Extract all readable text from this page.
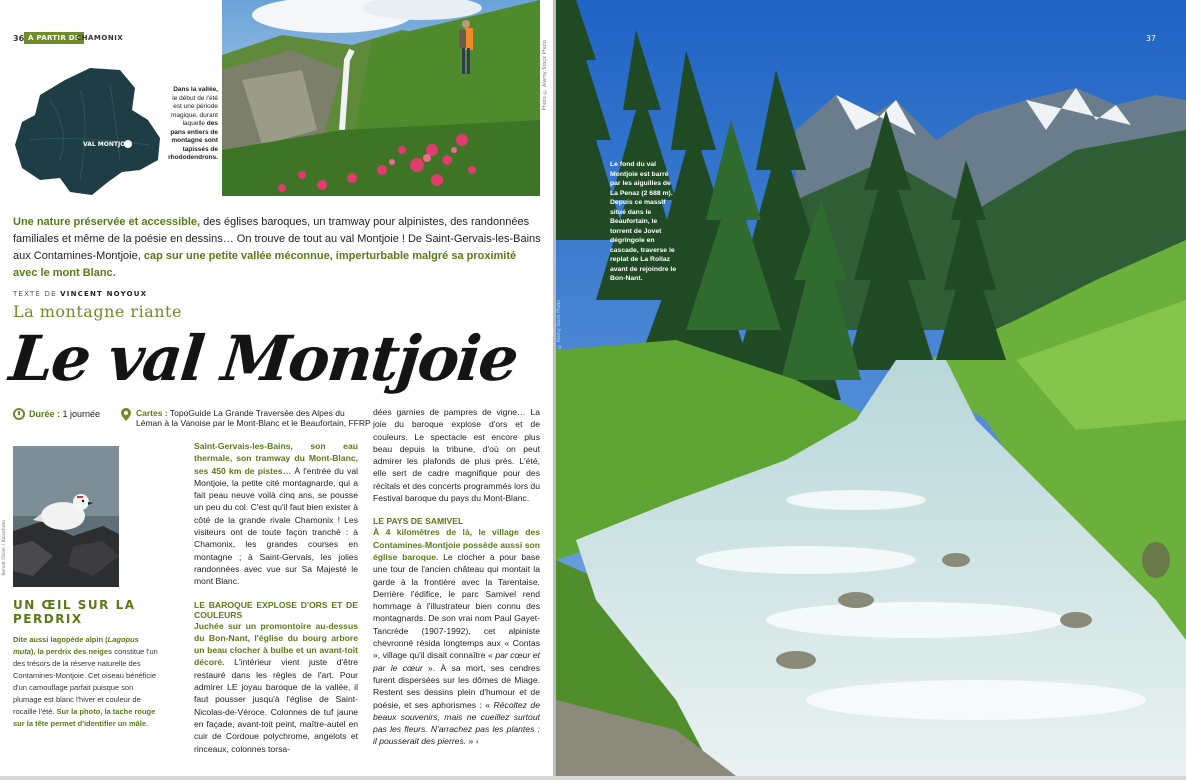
36 À PARTIR DE
CHAMONIX
VAL MONTJOIE
Photo © Alamy Stock Photo

Dans la vallée, le début de l'été est une période magique, durant laquelle des pans entiers de montagne sont tapissés de rhododendrons.

Une nature préservée et accessible, des églises baroques, un tramway pour alpinistes, des randonnées familiales et même de la poésie en dessins… On trouve de tout au val Montjoie ! De Saint-Gervais-les-Bains aux Contamines-Montjoie, cap sur une petite vallée méconnue, imperturbable malgré sa proximité avec le mont Blanc.

TEXTE DE VINCENT NOYOUX

La montagne riante
Le val Montjoie
Durée : 1 journée	Cartes : TopoGuide La Grande Traversée des Alpes du Léman à la Vanoise par le Mont-Blanc et le Beaufortain, FFRP
Benoit Dizier / Biosphoto
UN ŒIL SUR LA PERDRIX

Dite aussi lagopède alpin (Lagopus muta), la perdrix des neiges constitue l'un des trésors de la réserve naturelle des Contamines-Montjoie. Cet oiseau bénéficie d'un camouflage parfait puisque son plumage est blanc l'hiver et couleur de rocaille l'été. Sur la photo, la tache rouge sur la tête permet d'identifier un mâle.

Saint-Gervais-les-Bains, son eau thermale, son tramway du Mont-Blanc, ses 450 km de pistes… À l'entrée du val Montjoie, la petite cité montagnarde, qui a fait peau neuve voilà cinq ans, se pousse un peu du col. C'est qu'il faut bien exister à côté de la grande rivale Chamonix ! Les visiteurs ont de toute façon tranché : à Chamonix, les grandes courses en montagne ; à Saint-Gervais, les jolies randonnées avec vue sur Sa Majesté le mont Blanc.

LE BAROQUE EXPLOSE D'ORS ET DE COULEURS

Juchée sur un promontoire au-dessus du Bon-Nant, l'église du bourg arbore un beau clocher à bulbe et un avant-toit décoré. L'intérieur vient juste d'être restauré dans les règles de l'art. Pour admirer LE joyau baroque de la vallée, il faut pousser jusqu'à l'église de Saint-Nicolas-de-Véroce. Colonnes de tuf jaune en façade, avant-toit peint, maître-autel en cuir de Cordoue polychrome, angelots et rinceaux, colonnes torsa-

dées garnies de pampres de vigne… La joie du baroque explose d'ors et de couleurs. Le spectacle est encore plus beau depuis la tribune, d'où on peut admirer les plafonds de plus près. L'été, elle sert de cadre magnifique pour des récitals et des concerts programmés lors du Festival baroque du pays du Mont-Blanc.

LE PAYS DE SAMIVEL

À 4 kilomètres de là, le village des Contamines-Montjoie possède aussi son église baroque. Le clocher a pour base une tour de l'ancien château qui montait la garde à la frontière avec la Tarentaise. Derrière l'édifice, le parc Samivel rend hommage à l'illustrateur bien connu des montagnards. De son vrai nom Paul Gayet-Tancrède (1907-1992), cet alpiniste chevronné résida longtemps aux « Contas », village qu'il disait connaître « par cœur et par le cœur ». À sa mort, ses cendres furent dispersées sur les dômes de Miage. Restent ses dessins plein d'humour et de poésie, et ses aphorismes : « Récoltez de beaux souvenirs, mais ne cueillez surtout pas les fleurs. N'arrachez pas les plantes : il pousserait des pierres. » ›

37

Le fond du val Montjoie est barré par les aiguilles de La Penaz (2 688 m). Depuis ce massif situé dans le Beaufortain, le torrent de Jovet dégringole en cascade, traverse le replat de La Rollaz avant de rejoindre le Bon-Nant.

© Alamy Stock Photo
